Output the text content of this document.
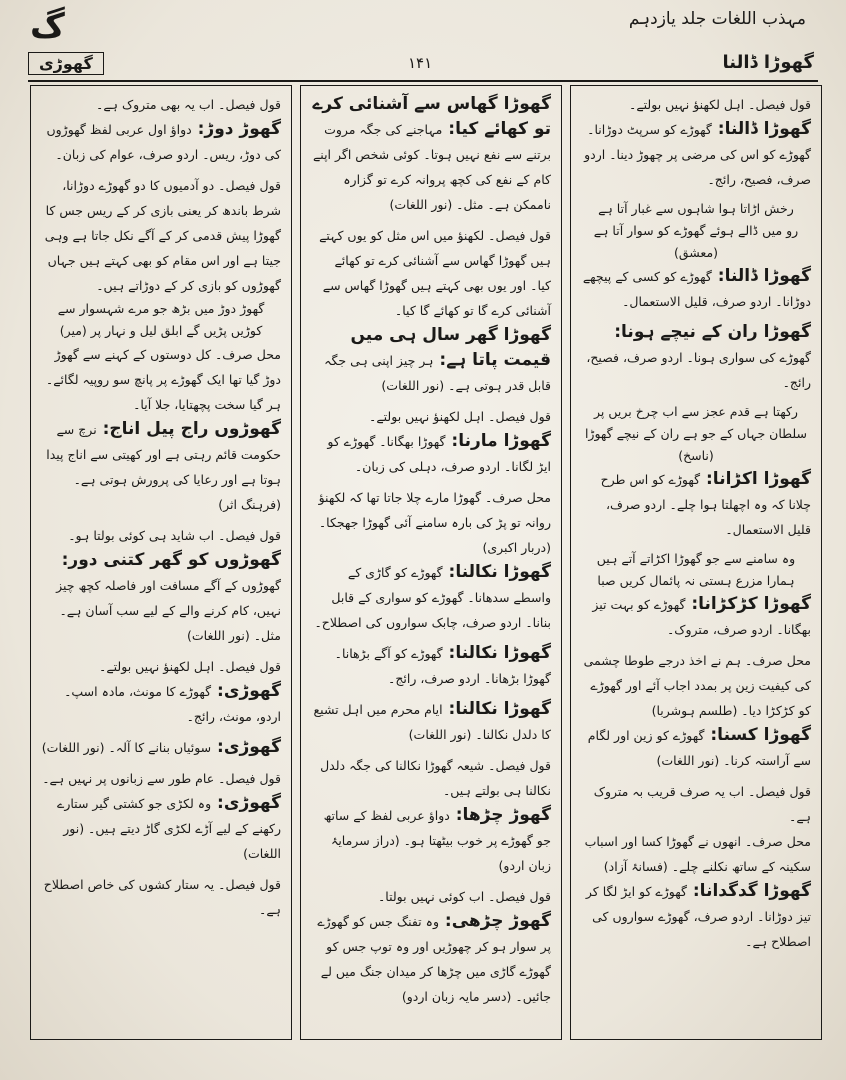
مہذب اللغات جلد یازدہم
گ
گھوڑی	۱۴۱	گھوڑا ڈالنا
قول فیصل۔ اہل لکھنؤ نہیں بولتے۔
گھوڑا ڈالنا: گھوڑے کو سرپٹ دوڑانا۔ گھوڑے کو اس کی مرضی پر چھوڑ دینا۔ اردو صرف، فصیح، رائج۔
رخش اڑاتا ہوا شاہوں سے غبار آتا ہے
رو میں ڈالے ہوئے گھوڑے کو سوار آتا ہے (معشق)
گھوڑا ڈالنا: گھوڑے کو کسی کے پیچھے دوڑانا۔ اردو صرف، قلیل الاستعمال۔
گھوڑا ران کے نیچے ہونا: گھوڑے کی سواری ہونا۔ اردو صرف، فصیح، رائج۔
رکھتا ہے قدم عجز سے اب چرخ بریں پر
سلطان جہاں کے جو ہے ران کے نیچے گھوڑا (ناسخ)
گھوڑا اکڑانا: گھوڑے کو اس طرح چلانا کہ وہ اچھلتا ہوا چلے۔ اردو صرف، قلیل الاستعمال۔
وہ سامنے سے جو گھوڑا اکڑاتے آتے ہیں
ہمارا مزرع ہستی نہ پائمال کریں صبا
گھوڑا کڑکڑانا: گھوڑے کو بہت تیز بھگانا۔ اردو صرف، متروک۔
محل صرف۔ ہم نے اخذ درجے طوطا چشمی کی کیفیت زین پر بمدد اجاب آئے اور گھوڑے کو کڑکڑا دیا۔ (طلسم ہوشربا)
گھوڑا کسنا: گھوڑے کو زین اور لگام سے آراستہ کرنا۔ (نور اللغات)
قول فیصل۔ اب یہ صرف قریب بہ متروک ہے۔
محل صرف۔ انھوں نے گھوڑا کسا اور اسباب سکینہ کے ساتھ نکلنے چلے۔ (فسانۂ آزاد)
گھوڑا گدگدانا: گھوڑے کو ایڑ لگا کر تیز دوڑانا۔ اردو صرف، گھوڑے سواروں کی اصطلاح ہے۔
گھوڑا گھاس سے آشنائی کرے تو کھائے کیا: مہاجنے کی جگہ مروت برتنے سے نفع نہیں ہوتا۔ کوئی شخص اگر اپنے کام کے نفع کی کچھ پروانہ کرے تو گزارہ ناممکن ہے۔ مثل۔ (نور اللغات)
قول فیصل۔ لکھنؤ میں اس مثل کو یوں کہتے ہیں گھوڑا گھاس سے آشنائی کرے تو کھائے کیا۔ اور یوں بھی کہتے ہیں گھوڑا گھاس سے آشنائی کرے گا تو کھائے گا کیا۔
گھوڑا گھر سال ہی میں قیمت پاتا ہے: ہر چیز اپنی ہی جگہ قابل قدر ہوتی ہے۔ (نور اللغات)
قول فیصل۔ اہل لکھنؤ نہیں بولتے۔
گھوڑا مارنا: گھوڑا بھگانا۔ گھوڑے کو ایڑ لگانا۔ اردو صرف، دہلی کی زبان۔
محل صرف۔ گھوڑا مارے چلا جاتا تھا کہ لکھنؤ روانہ تو پڑ کی بارہ سامنے آئی گھوڑا جھجکا۔ (دربار اکبری)
گھوڑا نکالنا: گھوڑے کو گاڑی کے واسطے سدھانا۔ گھوڑے کو سواری کے قابل بنانا۔ اردو صرف، چابک سواروں کی اصطلاح۔
گھوڑا نکالنا: گھوڑے کو آگے بڑھانا۔ گھوڑا بڑھانا۔ اردو صرف، رائج۔
گھوڑا نکالنا: ایام محرم میں اہل تشیع کا دلدل نکالنا۔ (نور اللغات)
قول فیصل۔ شیعہ گھوڑا نکالنا کی جگہ دلدل نکالنا ہی بولتے ہیں۔
گھوڑ چڑھا: دواؤ عربی لفظ کے ساتھ جو گھوڑے پر خوب بیٹھتا ہو۔ (دراز سرمایۂ زبان اردو)
قول فیصل۔ اب کوئی نہیں بولتا۔
گھوڑ چڑھی: وہ تفنگ جس کو گھوڑے پر سوار ہو کر چھوڑیں اور وہ توپ جس کو گھوڑے گاڑی میں چڑھا کر میدان جنگ میں لے جائیں۔ (دسر مایہ زبان اردو)
قول فیصل۔ اب یہ بھی متروک ہے۔
گھوڑ دوڑ: دواؤ اول عربی لفظ گھوڑوں کی دوڑ، ریس۔ اردو صرف، عوام کی زبان۔
قول فیصل۔ دو آدمیوں کا دو گھوڑے دوڑانا، شرط باندھ کر یعنی بازی کر کے ریس جس کا گھوڑا پیش قدمی کر کے آگے نکل جاتا ہے وہی جیتا ہے اور اس مقام کو بھی کہتے ہیں جہاں گھوڑوں کو بازی کر کے دوڑاتے ہیں۔
گھوڑ دوڑ میں بڑھ جو مرے شہسوار سے
کوڑیں پڑیں گے ابلق لیل و نہار پر (میر)
محل صرف۔ کل دوستوں کے کہنے سے گھوڑ دوڑ گیا تھا ایک گھوڑے پر پانچ سو روپیہ لگائے۔ ہر گیا سخت پچھتایا، جلا آیا۔
گھوڑوں راج پیل اناج: نرچ سے حکومت قائم رہتی ہے اور کھیتی سے اناج پیدا ہوتا ہے اور رعایا کی پرورش ہوتی ہے۔ (فرہنگ اثر)
قول فیصل۔ اب شاید ہی کوئی بولتا ہو۔
گھوڑوں کو گھر کتنی دور: گھوڑوں کے آگے مسافت اور فاصلہ کچھ چیز نہیں، کام کرنے والے کے لیے سب آسان ہے۔ مثل۔ (نور اللغات)
قول فیصل۔ اہل لکھنؤ نہیں بولتے۔
گھوڑی: گھوڑے کا مونث، مادہ اسپ۔ اردو، مونث، رائج۔
گھوڑی: سوئیاں بنانے کا آلہ۔ (نور اللغات)
قول فیصل۔ عام طور سے زبانوں پر نہیں ہے۔
گھوڑی: وہ لکڑی جو کشتی گیر ستارے رکھنے کے لیے آڑے لکڑی گاڑ دیتے ہیں۔ (نور اللغات)
قول فیصل۔ یہ ستار کشوں کی خاص اصطلاح ہے۔
